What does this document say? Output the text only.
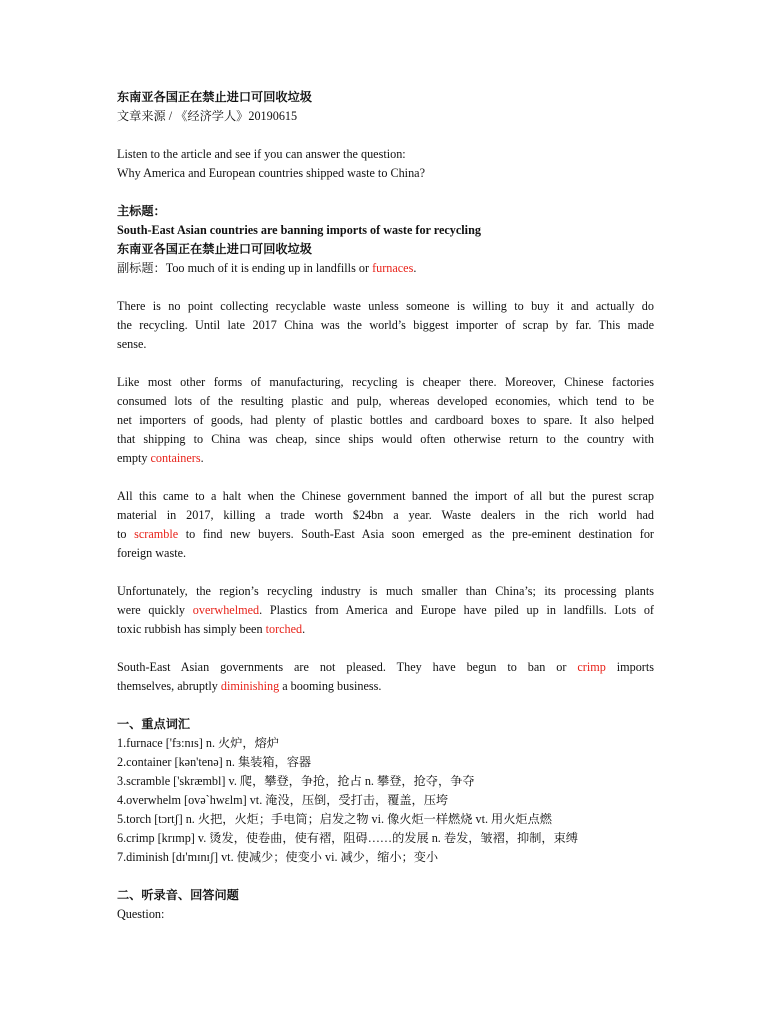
东南亚各国正在禁止进口可回收垃圾
文章来源 / 《经济学人》20190615
Listen to the article and see if you can answer the question:
Why America and European countries shipped waste to China?
主标题：
South-East Asian countries are banning imports of waste for recycling
东南亚各国正在禁止进口可回收垃圾
副标题：Too much of it is ending up in landfills or furnaces.
There is no point collecting recyclable waste unless someone is willing to buy it and actually do
the recycling. Until late 2017 China was the world’s biggest importer of scrap by far. This made
sense.
Like most other forms of manufacturing, recycling is cheaper there. Moreover, Chinese factories
consumed lots of the resulting plastic and pulp, whereas developed economies, which tend to be
net importers of goods, had plenty of plastic bottles and cardboard boxes to spare. It also helped
that shipping to China was cheap, since ships would often otherwise return to the country with
empty containers.
All this came to a halt when the Chinese government banned the import of all but the purest scrap
material in 2017, killing a trade worth $24bn a year. Waste dealers in the rich world had
to scramble to find new buyers. South-East Asia soon emerged as the pre-eminent destination for
foreign waste.
Unfortunately, the region’s recycling industry is much smaller than China’s; its processing plants
were quickly overwhelmed. Plastics from America and Europe have piled up in landfills. Lots of
toxic rubbish has simply been torched.
South-East Asian governments are not pleased. They have begun to ban or crimp imports
themselves, abruptly diminishing a booming business.
一、重点词汇
1.furnace ['fɜ:nɪs] n. 火炉，熔炉
2.container [kən'tenə] n. 集装箱，容器
3.scramble ['skræmbl] v. 爬，攀登，争抢，抢占 n. 攀登，抢夺，争夺
4.overwhelm [ovə`hwɛlm] vt. 淹没，压倒，受打击，覆盖，压垮
5.torch [tɔrtʃ] n. 火把，火炬；手电筒；启发之物 vi. 像火炬一样燃烧 vt. 用火炬点燃
6.crimp [krɪmp] v. 烫发，使卷曲，使有褶，阻碍……的发展 n. 卷发，皱褶，抑制，束缚
7.diminish [dɪ'mɪnɪʃ] vt. 使减少；使变小 vi. 减少，缩小；变小
二、听录音、回答问题
Question:
